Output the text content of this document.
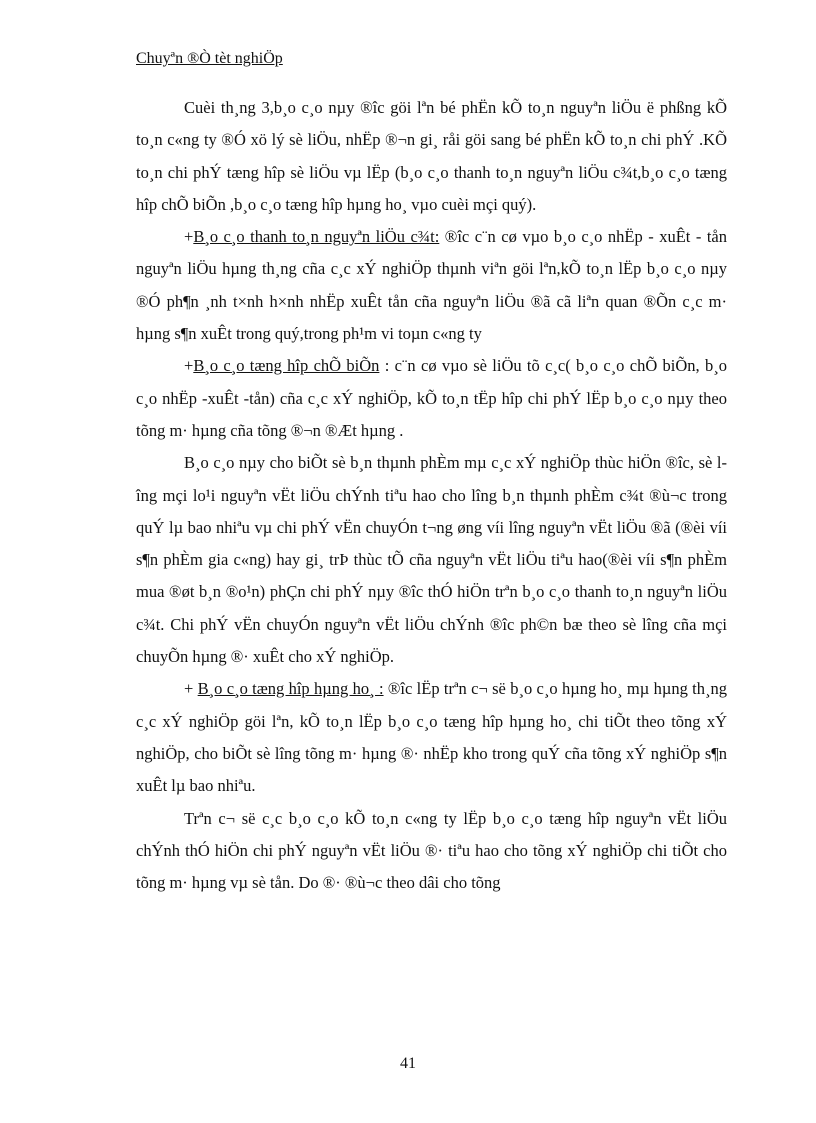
Chuyªn ®Ò tèt nghiÖp

Cuèi th¸ng 3,b¸o c¸o nµy ®îc göi lªn bé phËn kÕ to¸n nguyªn liÖu ë phßng kÕ to¸n c«ng ty ®Ó xö lý sè liÖu, nhËp ®¬n gi¸ råi göi sang bé phËn kÕ to¸n chi phÝ .KÕ to¸n chi phÝ tæng hîp sè liÖu vµ lËp (b¸o c¸o thanh to¸n nguyªn liÖu c¾t,b¸o c¸o tæng hîp chÕ biÕn ,b¸o c¸o tæng hîp hµng ho¸ vµo cuèi mçi quý).

+B¸o c¸o thanh to¸n nguyªn liÖu c¾t: ®îc c¨n cø vµo b¸o c¸o nhËp - xuÊt - tån nguyªn liÖu hµng th¸ng cña c¸c xÝ nghiÖp thµnh viªn göi lªn,kÕ to¸n lËp b¸o c¸o nµy ®Ó ph¶n ¸nh t×nh h×nh nhËp xuÊt tån cña nguyªn liÖu ®ã cã liªn quan ®Õn c¸c m· hµng s¶n xuÊt trong quý,trong ph¹m vi toµn c«ng ty

+B¸o c¸o tæng hîp chÕ biÕn : c¨n cø vµo sè liÖu tõ c¸c( b¸o c¸o chÕ biÕn, b¸o c¸o nhËp -xuÊt -tån) cña c¸c xÝ nghiÖp, kÕ to¸n tËp hîp chi phÝ lËp b¸o c¸o nµy theo tõng m· hµng cña tõng ®¬n ®Æt hµng .

B¸o c¸o nµy cho biÕt sè b¸n thµnh phÈm mµ c¸c xÝ nghiÖp thùc hiÖn ®îc, sè lîng mçi lo¹i nguyªn vËt liÖu chÝnh tiªu hao cho lîng b¸n thµnh phÈm c¾t ®ù¬c trong quÝ lµ bao nhiªu vµ chi phÝ vËn chuyÓn t¬ng øng víi lîng nguyªn vËt liÖu ®ã (®èi víi s¶n phÈm gia c«ng) hay gi¸ trÞ thùc tÕ cña nguyªn vËt liÖu tiªu hao(®èi víi s¶n phÈm mua ®øt b¸n ®o¹n) phÇn chi phÝ nµy ®îc thÓ hiÖn trªn b¸o c¸o thanh to¸n nguyªn liÖu c¾t. Chi phÝ vËn chuyÓn nguyªn vËt liÖu chÝnh ®îc ph©n bæ theo sè lîng cña mçi chuyÕn hµng ®· xuÊt cho xÝ nghiÖp.

+ B¸o c¸o tæng hîp hµng ho¸ : ®îc lËp trªn c¬ së b¸o c¸o hµng ho¸ mµ hµng th¸ng c¸c xÝ nghiÖp göi lªn, kÕ to¸n lËp b¸o c¸o tæng hîp hµng ho¸ chi tiÕt theo tõng xÝ nghiÖp, cho biÕt sè lîng tõng m· hµng ®· nhËp kho trong quÝ cña tõng xÝ nghiÖp s¶n xuÊt lµ bao nhiªu.

Trªn c¬ së c¸c b¸o c¸o kÕ to¸n c«ng ty lËp b¸o c¸o tæng hîp nguyªn vËt liÖu chÝnh thÓ hiÖn chi phÝ nguyªn vËt liÖu ®· tiªu hao cho tõng xÝ nghiÖp chi tiÕt cho tõng m· hµng vµ sè tån. Do ®· ®ù¬c theo dâi cho tõng

41
